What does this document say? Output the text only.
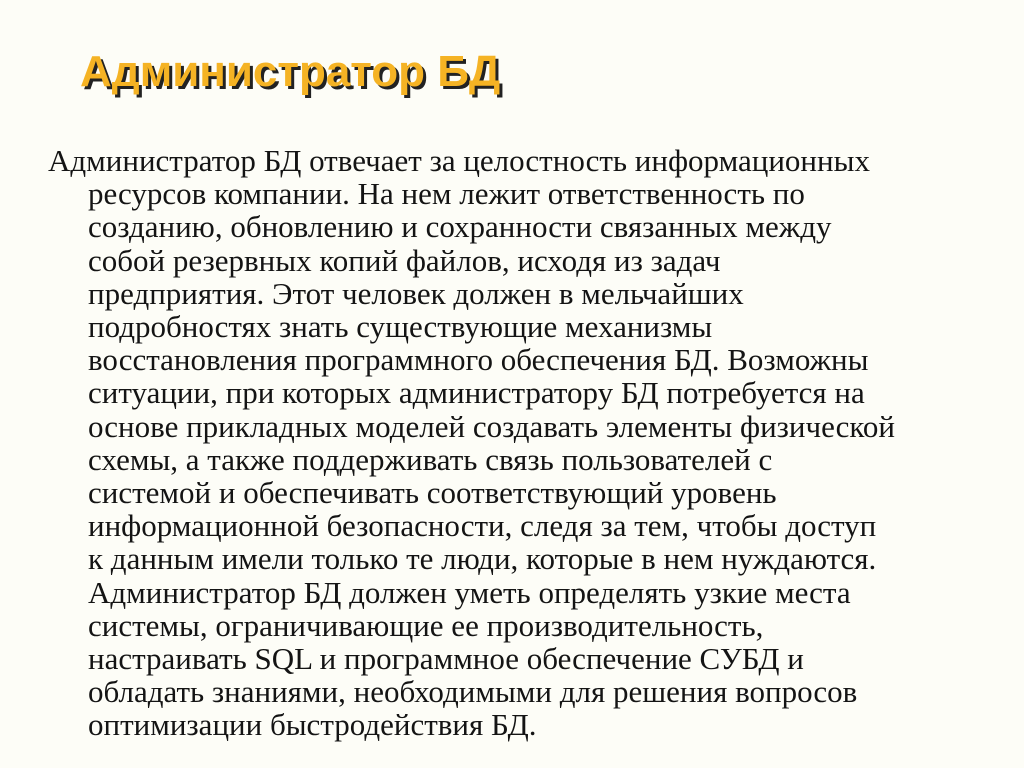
Администратор БД
Администратор БД отвечает за целостность информационных
ресурсов компании. На нем лежит ответственность по
созданию, обновлению и сохранности связанных между
собой резервных копий файлов, исходя из задач
предприятия. Этот человек должен в мельчайших
подробностях знать существующие механизмы
восстановления программного обеспечения БД. Возможны
ситуации, при которых администратору БД потребуется на
основе прикладных моделей создавать элементы физической
схемы, а также поддерживать связь пользователей с
системой и обеспечивать соответствующий уровень
информационной безопасности, следя за тем, чтобы доступ
к данным имели только те люди, которые в нем нуждаются.
Администратор БД должен уметь определять узкие места
системы, ограничивающие ее производительность,
настраивать SQL и программное обеспечение СУБД и
обладать знаниями, необходимыми для решения вопросов
оптимизации быстродействия БД.
